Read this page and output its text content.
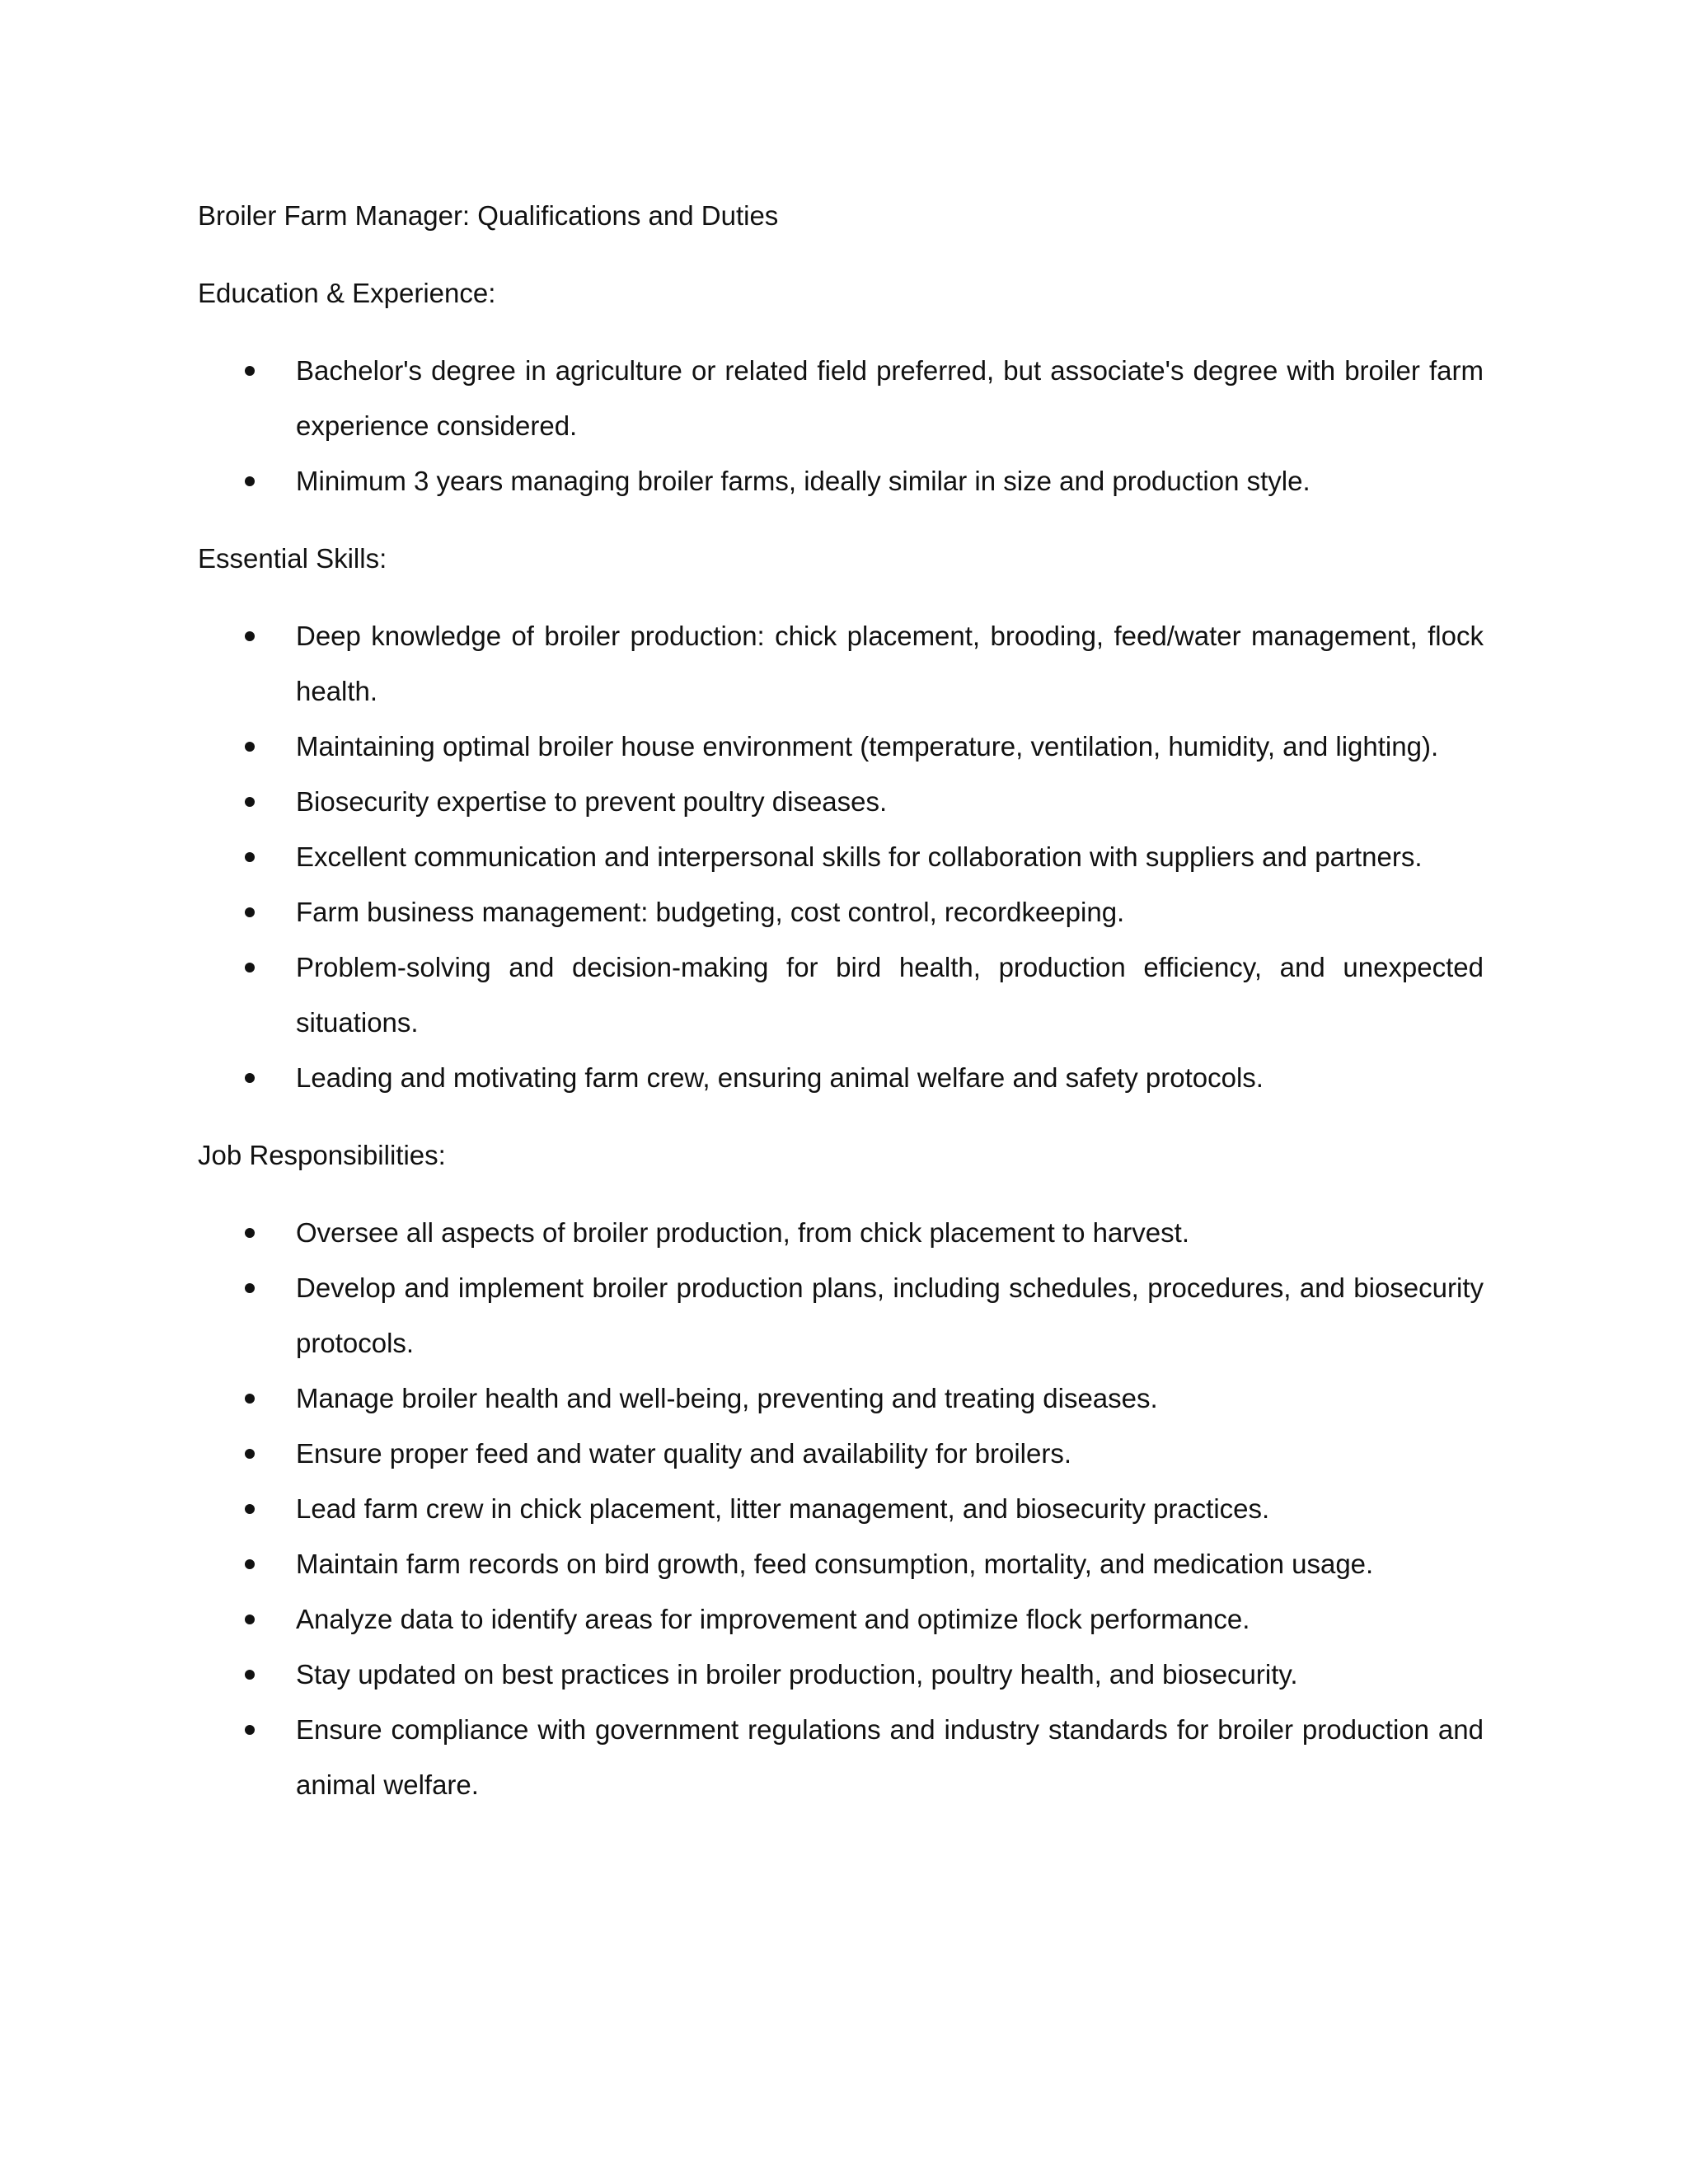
Broiler Farm Manager: Qualifications and Duties

Education & Experience:

Bachelor's degree in agriculture or related field preferred, but associate's degree with broiler farm experience considered.
Minimum 3 years managing broiler farms, ideally similar in size and production style.

Essential Skills:

Deep knowledge of broiler production: chick placement, brooding, feed/water management, flock health.
Maintaining optimal broiler house environment (temperature, ventilation, humidity, and lighting).
Biosecurity expertise to prevent poultry diseases.
Excellent communication and interpersonal skills for collaboration with suppliers and partners.
Farm business management: budgeting, cost control, recordkeeping.
Problem-solving and decision-making for bird health, production efficiency, and unexpected situations.
Leading and motivating farm crew, ensuring animal welfare and safety protocols.

Job Responsibilities:

Oversee all aspects of broiler production, from chick placement to harvest.
Develop and implement broiler production plans, including schedules, procedures, and biosecurity protocols.
Manage broiler health and well-being, preventing and treating diseases.
Ensure proper feed and water quality and availability for broilers.
Lead farm crew in chick placement, litter management, and biosecurity practices.
Maintain farm records on bird growth, feed consumption, mortality, and medication usage.
Analyze data to identify areas for improvement and optimize flock performance.
Stay updated on best practices in broiler production, poultry health, and biosecurity.
Ensure compliance with government regulations and industry standards for broiler production and animal welfare.
